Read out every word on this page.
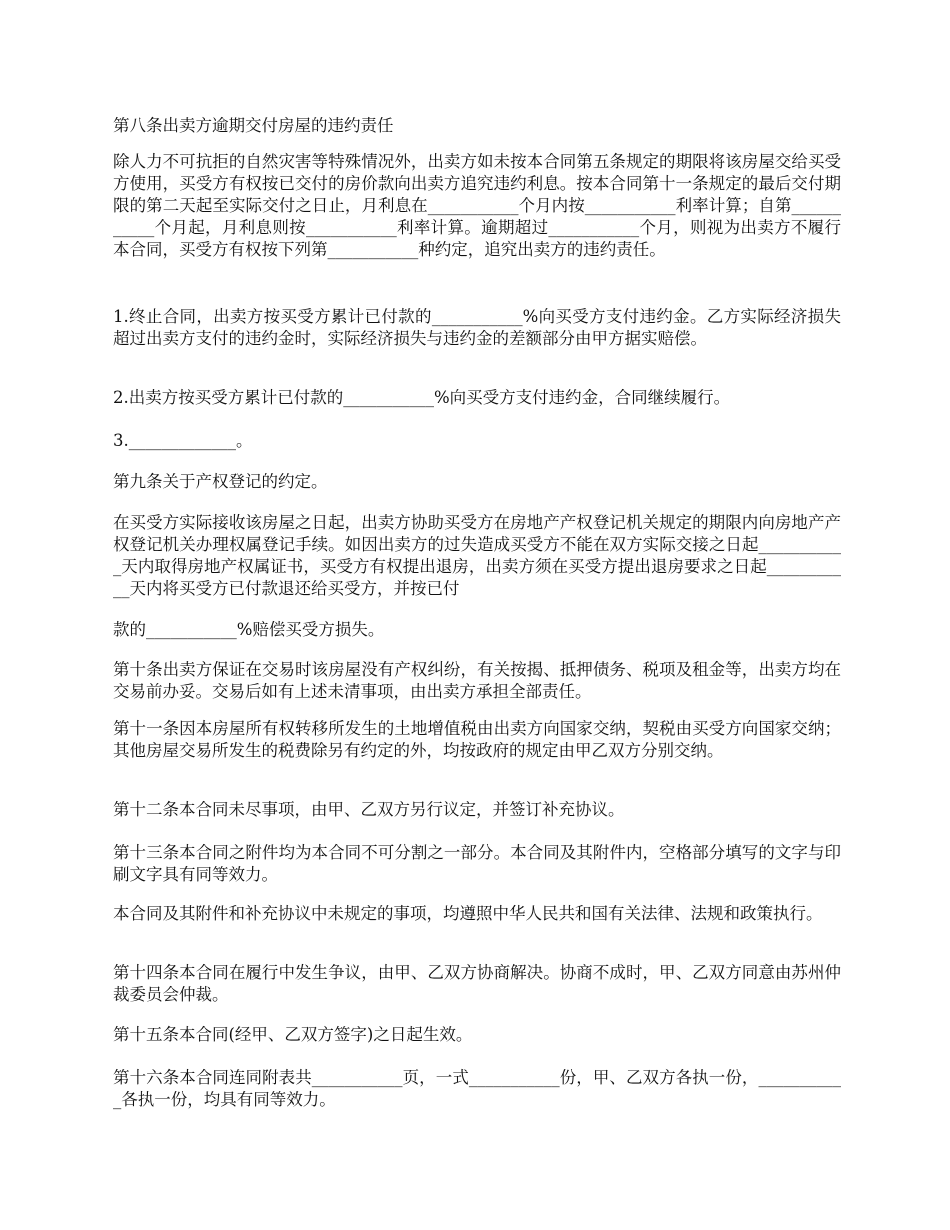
第八条出卖方逾期交付房屋的违约责任

除人力不可抗拒的自然灾害等特殊情况外，出卖方如未按本合同第五条规定的期限将该房屋交给买受方使用，买受方有权按已交付的房价款向出卖方追究违约利息。按本合同第十一条规定的最后交付期限的第二天起至实际交付之日止，月利息在___________个月内按___________利率计算；自第___________个月起，月利息则按___________利率计算。逾期超过___________个月，则视为出卖方不履行本合同，买受方有权按下列第___________种约定，追究出卖方的违约责任。

1.终止合同，出卖方按买受方累计已付款的___________%向买受方支付违约金。乙方实际经济损失超过出卖方支付的违约金时，实际经济损失与违约金的差额部分由甲方据实赔偿。

2.出卖方按买受方累计已付款的___________%向买受方支付违约金，合同继续履行。

3._____________。

第九条关于产权登记的约定。

在买受方实际接收该房屋之日起，出卖方协助买受方在房地产产权登记机关规定的期限内向房地产产权登记机关办理权属登记手续。如因出卖方的过失造成买受方不能在双方实际交接之日起___________天内取得房地产权属证书，买受方有权提出退房，出卖方须在买受方提出退房要求之日起___________天内将买受方已付款退还给买受方，并按已付

款的___________%赔偿买受方损失。

第十条出卖方保证在交易时该房屋没有产权纠纷，有关按揭、抵押债务、税项及租金等，出卖方均在交易前办妥。交易后如有上述未清事项，由出卖方承担全部责任。

第十一条因本房屋所有权转移所发生的土地增值税由出卖方向国家交纳，契税由买受方向国家交纳；其他房屋交易所发生的税费除另有约定的外，均按政府的规定由甲乙双方分别交纳。

第十二条本合同未尽事项，由甲、乙双方另行议定，并签订补充协议。

第十三条本合同之附件均为本合同不可分割之一部分。本合同及其附件内，空格部分填写的文字与印刷文字具有同等效力。

本合同及其附件和补充协议中未规定的事项，均遵照中华人民共和国有关法律、法规和政策执行。

第十四条本合同在履行中发生争议，由甲、乙双方协商解决。协商不成时，甲、乙双方同意由苏州仲裁委员会仲裁。

第十五条本合同(经甲、乙双方签字)之日起生效。

第十六条本合同连同附表共___________页，一式___________份，甲、乙双方各执一份，___________各执一份，均具有同等效力。
